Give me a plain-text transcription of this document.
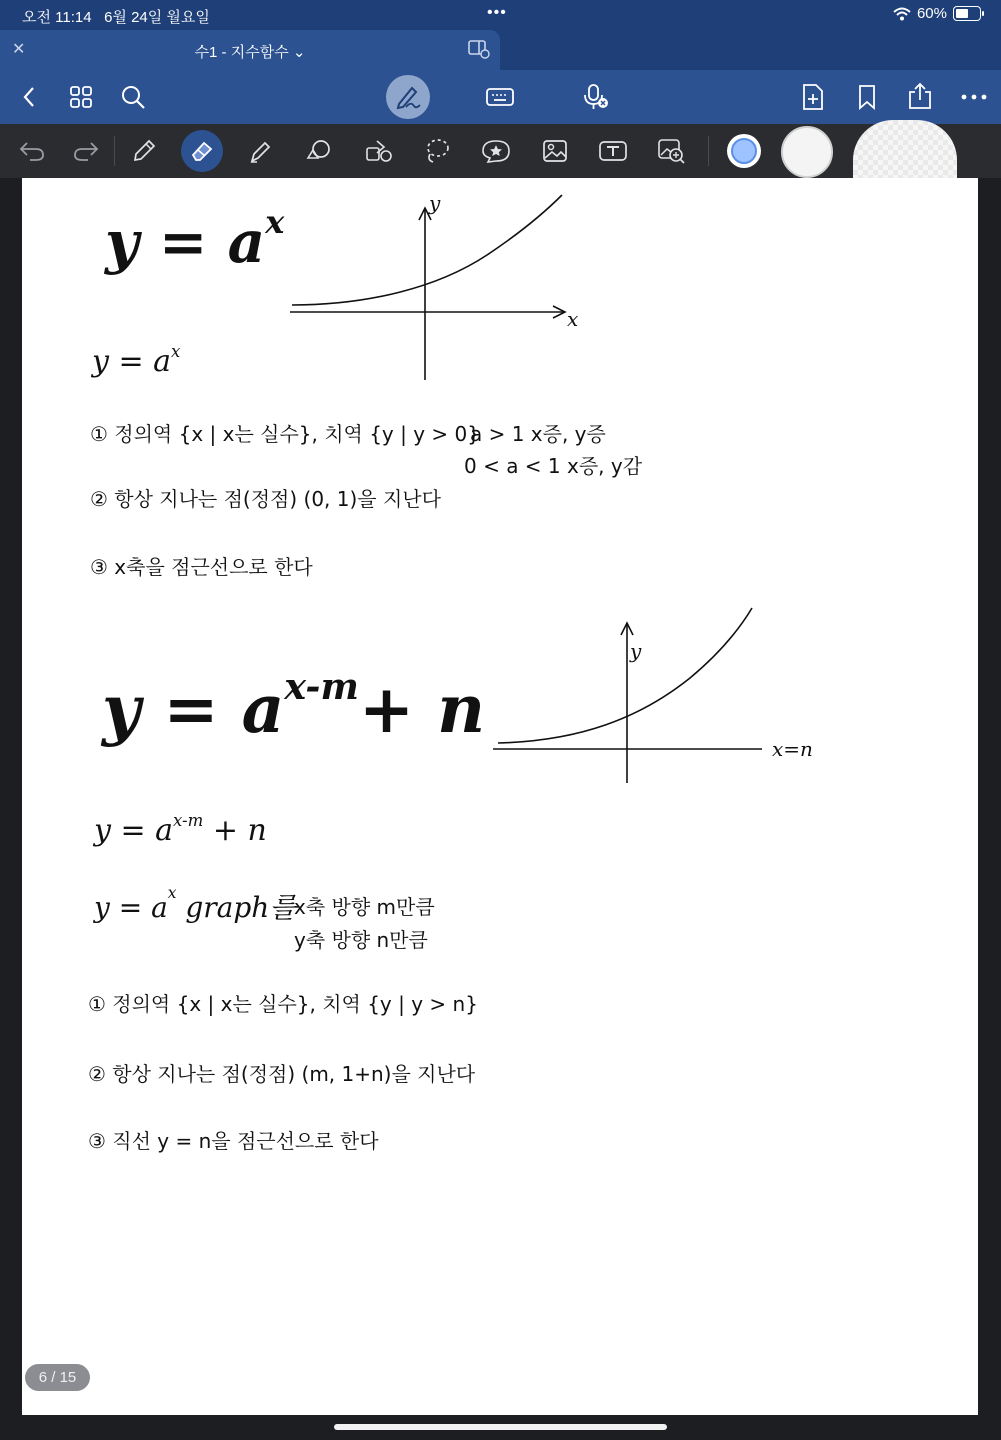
오전 11:14 6월 24일 월요일	•••	60%
✕	수1 - 지수함수 ⌄
$y = a^x$
y
x
$y = a^x$
① 정의역 {x | x는 실수}, 치역 {y | y > 0}
a > 1 x증, y증
0 < a < 1 x증, y감
② 항상 지나는 점(정점) (0, 1)을 지난다
③ x축을 점근선으로 한다
$y = a^{x-m}+ n$
y
x=n
$y = a^{x-m} + n$
$y = a^x$ graph를
x축 방향 m만큼
y축 방향 n만큼
① 정의역 {x | x는 실수}, 치역 {y | y > n}
② 항상 지나는 점(정점) (m, 1+n)을 지난다
③ 직선 y = n을 점근선으로 한다
6 / 15
